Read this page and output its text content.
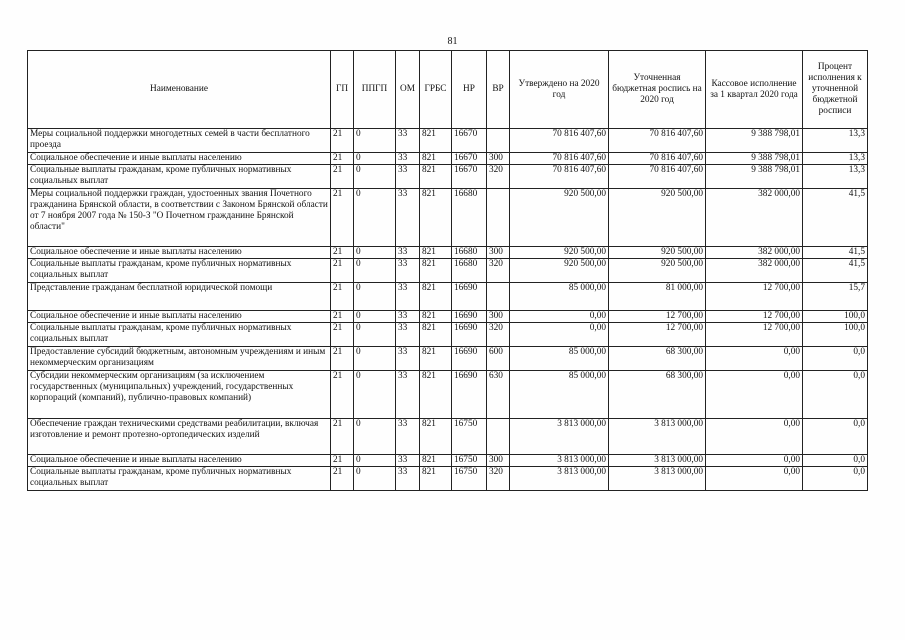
81
Наименование	ГП	ППГП	ОМ	ГРБС	НР	ВР	Утверждено на 2020 год	Уточненная бюджетная роспись на 2020 год	Кассовое исполнение за 1 квартал 2020 года	Процент исполнения к уточненной бюджетной росписи
Меры социальной поддержки многодетных семей в части бесплатного проезда	21	0	33	821	16670		70 816 407,60	70 816 407,60	9 388 798,01	13,3
Социальное обеспечение и иные выплаты населению	21	0	33	821	16670	300	70 816 407,60	70 816 407,60	9 388 798,01	13,3
Социальные выплаты гражданам, кроме публичных нормативных социальных выплат	21	0	33	821	16670	320	70 816 407,60	70 816 407,60	9 388 798,01	13,3
Меры социальной поддержки граждан, удостоенных звания Почетного гражданина Брянской области, в соответствии с Законом Брянской области от 7 ноября 2007 года № 150-З "О Почетном гражданине Брянской области"	21	0	33	821	16680		920 500,00	920 500,00	382 000,00	41,5
Социальное обеспечение и иные выплаты населению	21	0	33	821	16680	300	920 500,00	920 500,00	382 000,00	41,5
Социальные выплаты гражданам, кроме публичных нормативных социальных выплат	21	0	33	821	16680	320	920 500,00	920 500,00	382 000,00	41,5
Представление гражданам бесплатной юридической помощи	21	0	33	821	16690		85 000,00	81 000,00	12 700,00	15,7
Социальное обеспечение и иные выплаты населению	21	0	33	821	16690	300	0,00	12 700,00	12 700,00	100,0
Социальные выплаты гражданам, кроме публичных нормативных социальных выплат	21	0	33	821	16690	320	0,00	12 700,00	12 700,00	100,0
Предоставление субсидий бюджетным, автономным учреждениям и иным некоммерческим организациям	21	0	33	821	16690	600	85 000,00	68 300,00	0,00	0,0
Субсидии некоммерческим организациям (за исключением государственных (муниципальных) учреждений, государственных корпораций (компаний), публично-правовых компаний)	21	0	33	821	16690	630	85 000,00	68 300,00	0,00	0,0
Обеспечение граждан техническими средствами реабилитации, включая изготовление и ремонт протезно-ортопедических изделий	21	0	33	821	16750		3 813 000,00	3 813 000,00	0,00	0,0
Социальное обеспечение и иные выплаты населению	21	0	33	821	16750	300	3 813 000,00	3 813 000,00	0,00	0,0
Социальные выплаты гражданам, кроме публичных нормативных социальных выплат	21	0	33	821	16750	320	3 813 000,00	3 813 000,00	0,00	0,0
